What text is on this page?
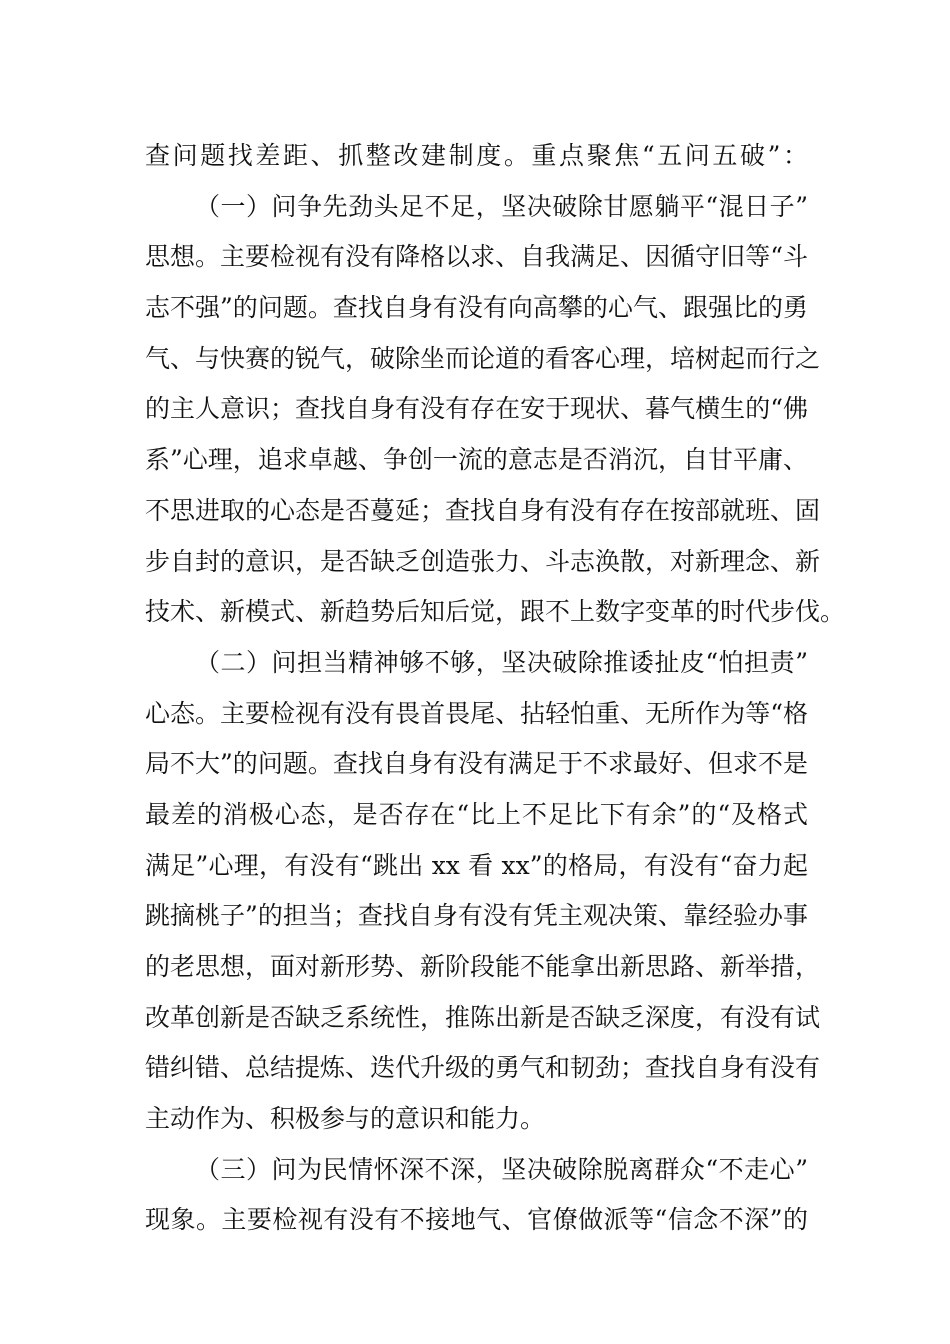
查问题找差距、抓整改建制度。重点聚焦“五问五破”：
（一）问争先劲头足不足，坚决破除甘愿躺平“混日子”
思想。主要检视有没有降格以求、自我满足、因循守旧等“斗
志不强”的问题。查找自身有没有向高攀的心气、跟强比的勇
气、与快赛的锐气，破除坐而论道的看客心理，培树起而行之
的主人意识；查找自身有没有存在安于现状、暮气横生的“佛
系”心理，追求卓越、争创一流的意志是否消沉，自甘平庸、
不思进取的心态是否蔓延；查找自身有没有存在按部就班、固
步自封的意识，是否缺乏创造张力、斗志涣散，对新理念、新
技术、新模式、新趋势后知后觉，跟不上数字变革的时代步伐。
（二）问担当精神够不够，坚决破除推诿扯皮“怕担责”
心态。主要检视有没有畏首畏尾、拈轻怕重、无所作为等“格
局不大”的问题。查找自身有没有满足于不求最好、但求不是
最差的消极心态，是否存在“比上不足比下有余”的“及格式
满足”心理，有没有“跳出 xx 看 xx”的格局，有没有“奋力起
跳摘桃子”的担当；查找自身有没有凭主观决策、靠经验办事
的老思想，面对新形势、新阶段能不能拿出新思路、新举措，
改革创新是否缺乏系统性，推陈出新是否缺乏深度，有没有试
错纠错、总结提炼、迭代升级的勇气和韧劲；查找自身有没有
主动作为、积极参与的意识和能力。
（三）问为民情怀深不深，坚决破除脱离群众“不走心”
现象。主要检视有没有不接地气、官僚做派等“信念不深”的
